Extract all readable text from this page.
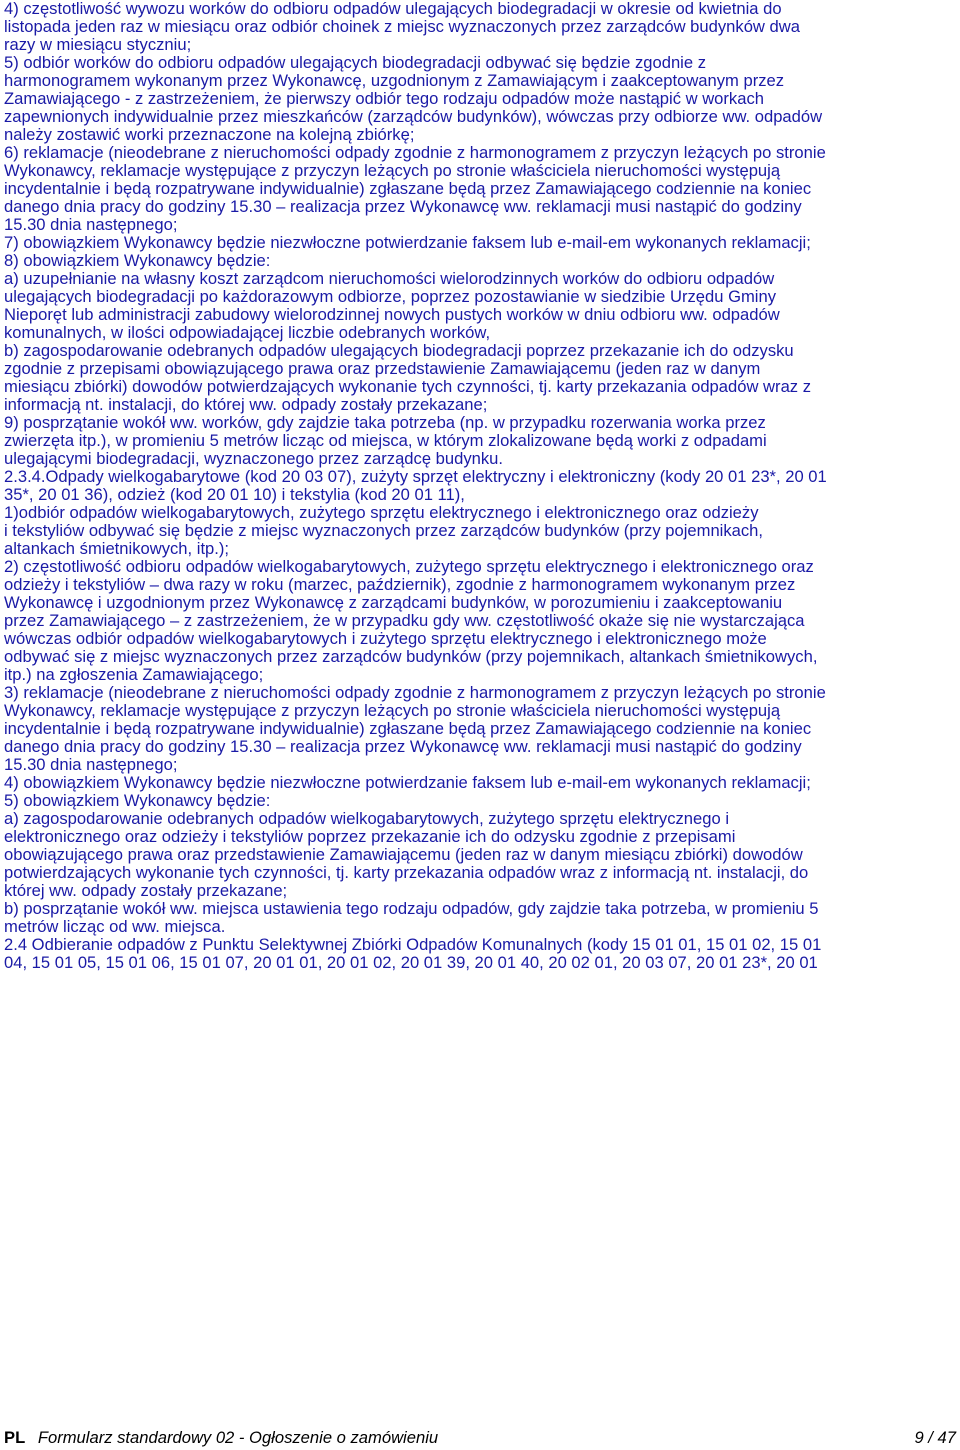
4) częstotliwość wywozu worków do odbioru odpadów ulegających biodegradacji w okresie od kwietnia do
listopada jeden raz w miesiącu oraz odbiór choinek z miejsc wyznaczonych przez zarządców budynków dwa
razy w miesiącu styczniu;
5) odbiór worków do odbioru odpadów ulegających biodegradacji odbywać się będzie zgodnie z
harmonogramem wykonanym przez Wykonawcę, uzgodnionym z Zamawiającym i zaakceptowanym przez
Zamawiającego - z zastrzeżeniem, że pierwszy odbiór tego rodzaju odpadów może nastąpić w workach
zapewnionych indywidualnie przez mieszkańców (zarządców budynków), wówczas przy odbiorze ww. odpadów
należy zostawić worki przeznaczone na kolejną zbiórkę;
6) reklamacje (nieodebrane z nieruchomości odpady zgodnie z harmonogramem z przyczyn leżących po stronie
Wykonawcy, reklamacje występujące z przyczyn leżących po stronie właściciela nieruchomości występują
incydentalnie i będą rozpatrywane indywidualnie) zgłaszane będą przez Zamawiającego codziennie na koniec
danego dnia pracy do godziny 15.30 – realizacja przez Wykonawcę ww. reklamacji musi nastąpić do godziny
15.30 dnia następnego;
7) obowiązkiem Wykonawcy będzie niezwłoczne potwierdzanie faksem lub e-mail-em wykonanych reklamacji;
8) obowiązkiem Wykonawcy będzie:
a) uzupełnianie na własny koszt zarządcom nieruchomości wielorodzinnych worków do odbioru odpadów
ulegających biodegradacji po każdorazowym odbiorze, poprzez pozostawianie w siedzibie Urzędu Gminy
Nieporęt lub administracji zabudowy wielorodzinnej nowych pustych worków w dniu odbioru ww. odpadów
komunalnych, w ilości odpowiadającej liczbie odebranych worków,
b) zagospodarowanie odebranych odpadów ulegających biodegradacji poprzez przekazanie ich do odzysku
zgodnie z przepisami obowiązującego prawa oraz przedstawienie Zamawiającemu (jeden raz w danym
miesiącu zbiórki) dowodów potwierdzających wykonanie tych czynności, tj. karty przekazania odpadów wraz z
informacją nt. instalacji, do której ww. odpady zostały przekazane;
9) posprzątanie wokół ww. worków, gdy zajdzie taka potrzeba (np. w przypadku rozerwania worka przez
zwierzęta itp.), w promieniu 5 metrów licząc od miejsca, w którym zlokalizowane będą worki z odpadami
ulegającymi biodegradacji, wyznaczonego przez zarządcę budynku.
2.3.4.Odpady wielkogabarytowe (kod 20 03 07), zużyty sprzęt elektryczny i elektroniczny (kody 20 01 23*, 20 01
35*, 20 01 36), odzież (kod 20 01 10) i tekstylia (kod 20 01 11),
1)odbiór odpadów wielkogabarytowych, zużytego sprzętu elektrycznego i elektronicznego oraz odzieży
i tekstyliów odbywać się będzie z miejsc wyznaczonych przez zarządców budynków (przy pojemnikach,
altankach śmietnikowych, itp.);
2) częstotliwość odbioru odpadów wielkogabarytowych, zużytego sprzętu elektrycznego i elektronicznego oraz
odzieży i tekstyliów – dwa razy w roku (marzec, październik), zgodnie z harmonogramem wykonanym przez
Wykonawcę i uzgodnionym przez Wykonawcę z zarządcami budynków, w porozumieniu i zaakceptowaniu
przez Zamawiającego – z zastrzeżeniem, że w przypadku gdy ww. częstotliwość okaże się nie wystarczająca
wówczas odbiór odpadów wielkogabarytowych i zużytego sprzętu elektrycznego i elektronicznego może
odbywać się z miejsc wyznaczonych przez zarządców budynków (przy pojemnikach, altankach śmietnikowych,
itp.) na zgłoszenia Zamawiającego;
3) reklamacje (nieodebrane z nieruchomości odpady zgodnie z harmonogramem z przyczyn leżących po stronie
Wykonawcy, reklamacje występujące z przyczyn leżących po stronie właściciela nieruchomości występują
incydentalnie i będą rozpatrywane indywidualnie) zgłaszane będą przez Zamawiającego codziennie na koniec
danego dnia pracy do godziny 15.30 – realizacja przez Wykonawcę ww. reklamacji musi nastąpić do godziny
15.30 dnia następnego;
4) obowiązkiem Wykonawcy będzie niezwłoczne potwierdzanie faksem lub e-mail-em wykonanych reklamacji;
5) obowiązkiem Wykonawcy będzie:
a) zagospodarowanie odebranych odpadów wielkogabarytowych, zużytego sprzętu elektrycznego i
elektronicznego oraz odzieży i tekstyliów poprzez przekazanie ich do odzysku zgodnie z przepisami
obowiązującego prawa oraz przedstawienie Zamawiającemu (jeden raz w danym miesiącu zbiórki) dowodów
potwierdzających wykonanie tych czynności, tj. karty przekazania odpadów wraz z informacją nt. instalacji, do
której ww. odpady zostały przekazane;
b) posprzątanie wokół ww. miejsca ustawienia tego rodzaju odpadów, gdy zajdzie taka potrzeba, w promieniu 5
metrów licząc od ww. miejsca.
2.4 Odbieranie odpadów z Punktu Selektywnej Zbiórki Odpadów Komunalnych (kody 15 01 01, 15 01 02, 15 01
04, 15 01 05, 15 01 06, 15 01 07, 20 01 01, 20 01 02, 20 01 39, 20 01 40, 20 02 01, 20 03 07, 20 01 23*, 20 01
PL Formularz standardowy 02 - Ogłoszenie o zamówieniu	9 / 47
